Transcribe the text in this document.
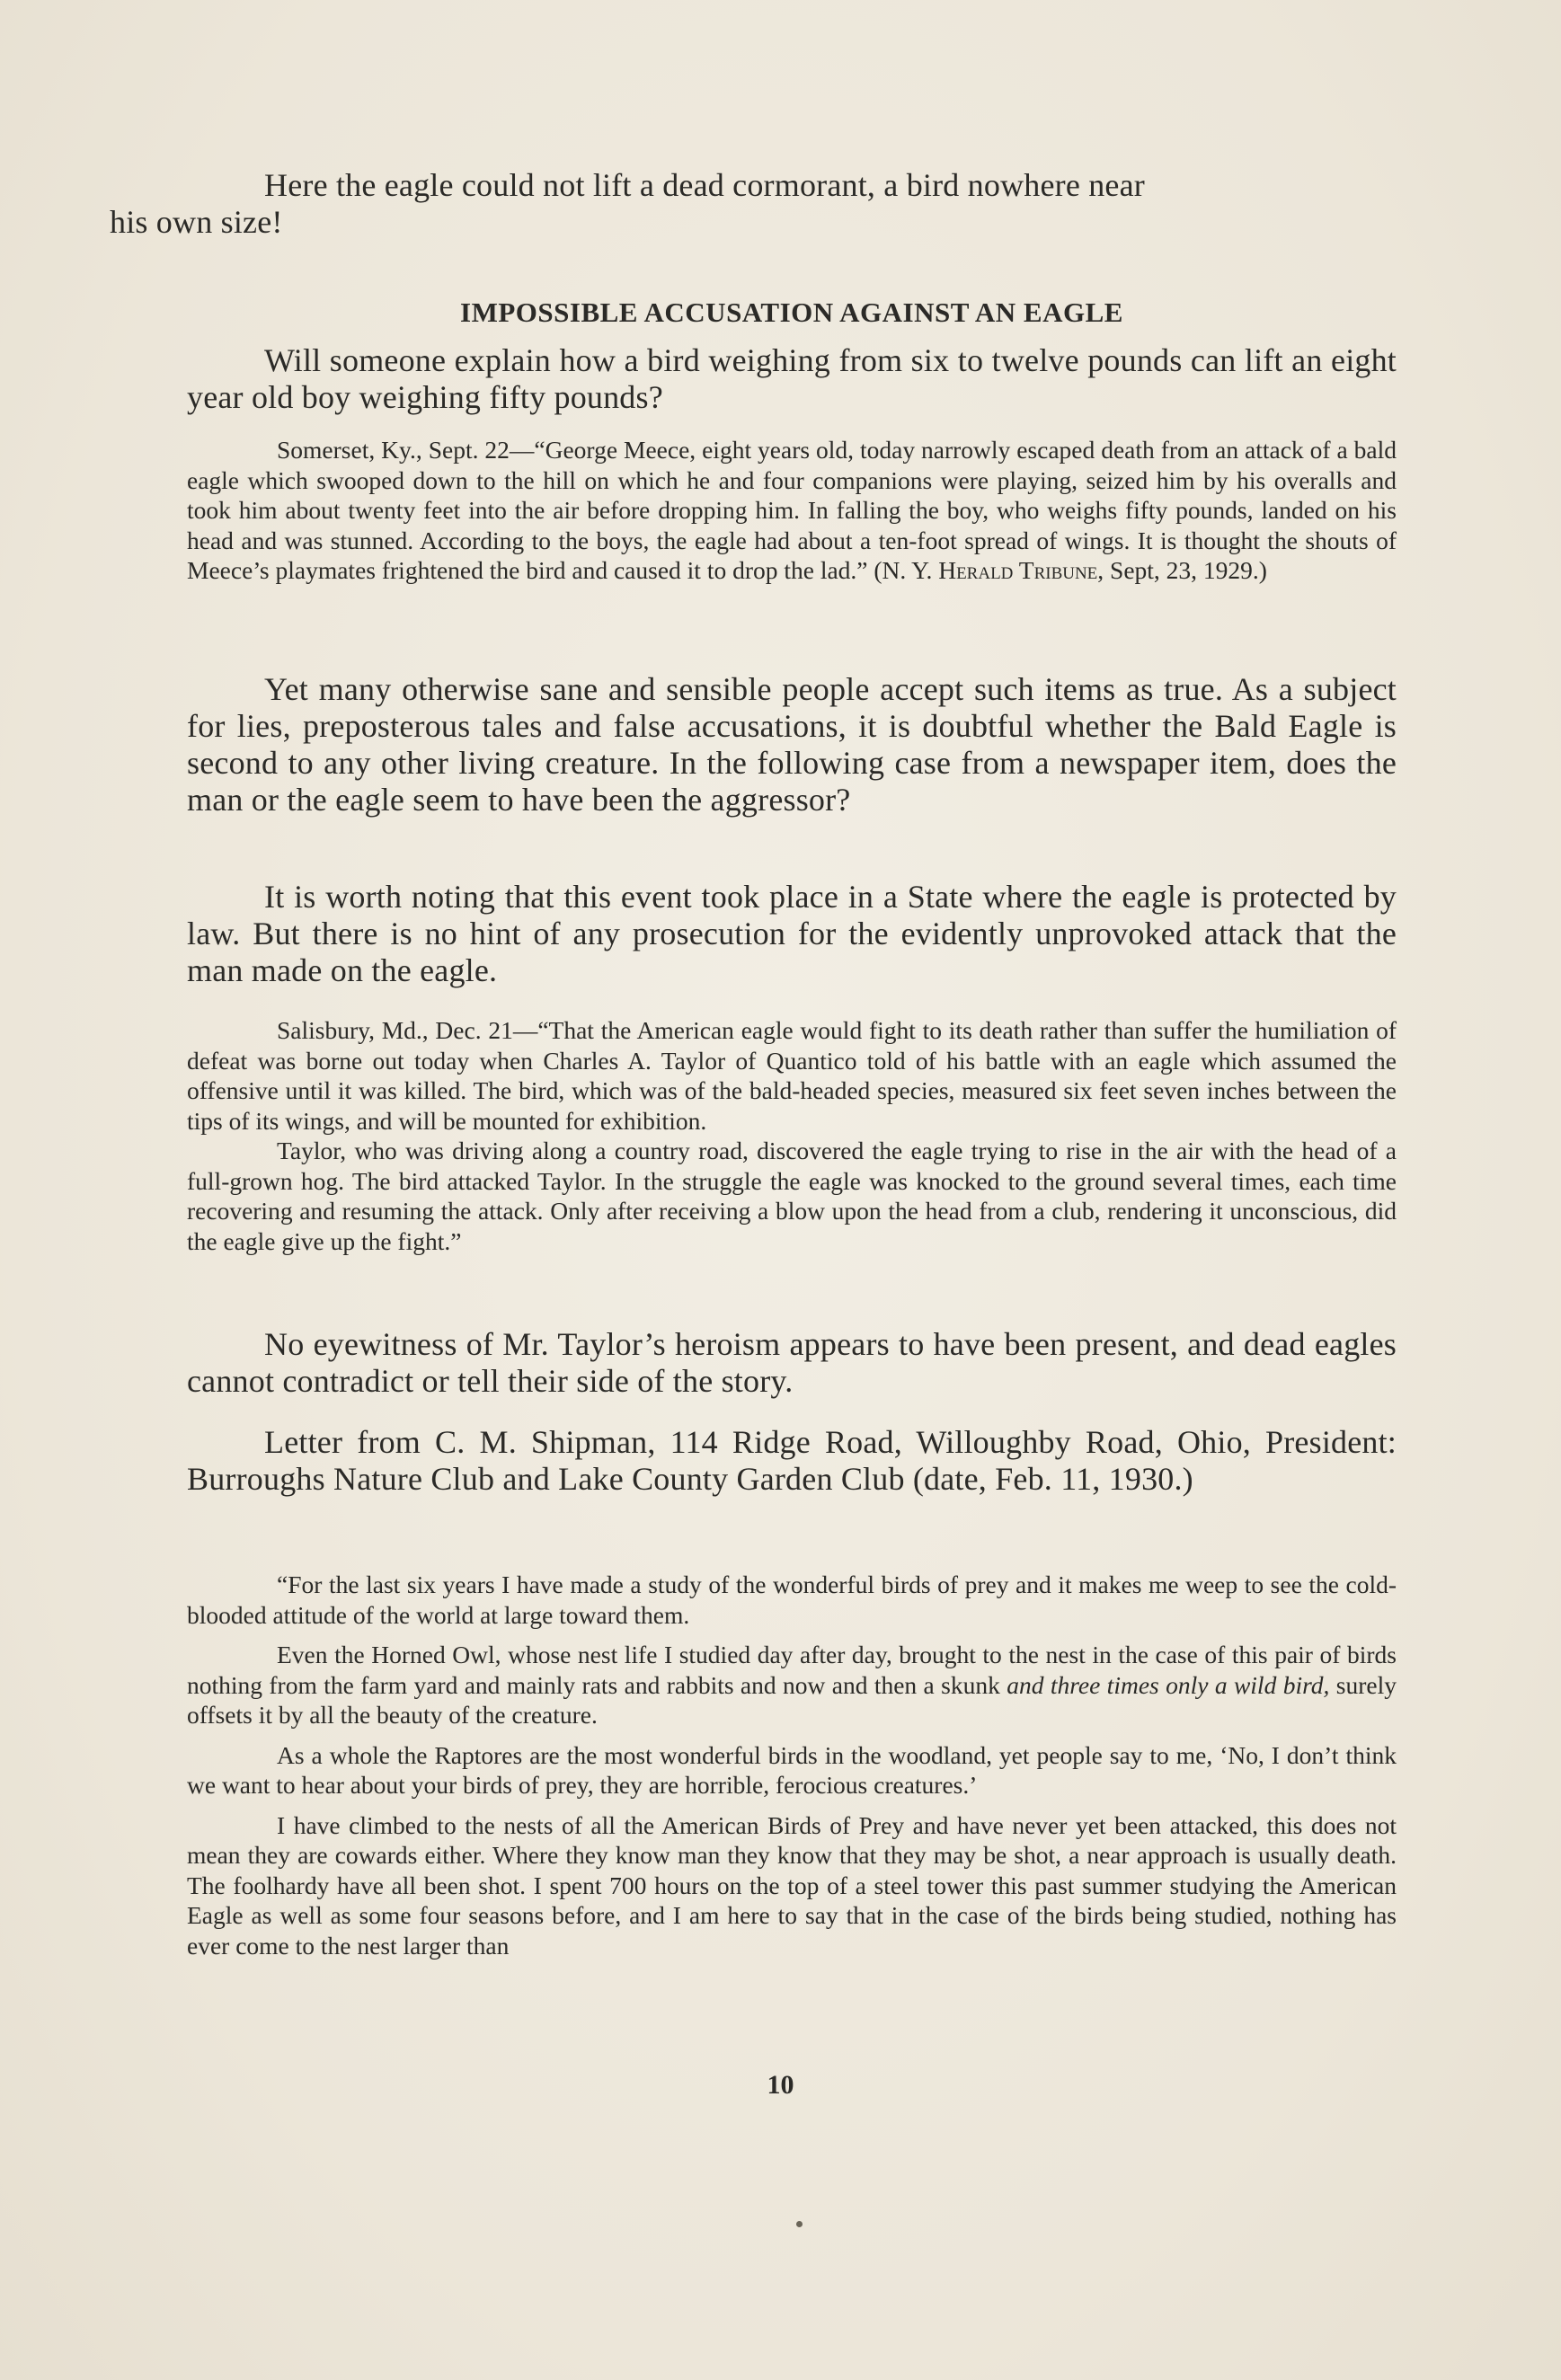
Here the eagle could not lift a dead cormorant, a bird nowhere near
his own size!

IMPOSSIBLE ACCUSATION AGAINST AN EAGLE

Will someone explain how a bird weighing from six to twelve pounds can lift an eight year old boy weighing fifty pounds?

Somerset, Ky., Sept. 22—“George Meece, eight years old, today narrowly escaped death from an attack of a bald eagle which swooped down to the hill on which he and four companions were playing, seized him by his overalls and took him about twenty feet into the air before dropping him. In falling the boy, who weighs fifty pounds, landed on his head and was stunned. According to the boys, the eagle had about a ten-foot spread of wings. It is thought the shouts of Meece’s playmates frightened the bird and caused it to drop the lad.” (N. Y. Herald Tribune, Sept, 23, 1929.)

Yet many otherwise sane and sensible people accept such items as true. As a subject for lies, preposterous tales and false accusations, it is doubtful whether the Bald Eagle is second to any other living creature. In the following case from a newspaper item, does the man or the eagle seem to have been the aggressor?

It is worth noting that this event took place in a State where the eagle is protected by law. But there is no hint of any prosecution for the evidently unprovoked attack that the man made on the eagle.

Salisbury, Md., Dec. 21—“That the American eagle would fight to its death rather than suffer the humiliation of defeat was borne out today when Charles A. Taylor of Quantico told of his battle with an eagle which assumed the offensive until it was killed. The bird, which was of the bald-headed species, measured six feet seven inches between the tips of its wings, and will be mounted for exhibition.

Taylor, who was driving along a country road, discovered the eagle trying to rise in the air with the head of a full-grown hog. The bird attacked Taylor. In the struggle the eagle was knocked to the ground several times, each time recovering and resuming the attack. Only after receiving a blow upon the head from a club, rendering it unconscious, did the eagle give up the fight.”

No eyewitness of Mr. Taylor’s heroism appears to have been present, and dead eagles cannot contradict or tell their side of the story.

Letter from C. M. Shipman, 114 Ridge Road, Willoughby Road, Ohio, President: Burroughs Nature Club and Lake County Garden Club (date, Feb. 11, 1930.)

“For the last six years I have made a study of the wonderful birds of prey and it makes me weep to see the cold-blooded attitude of the world at large toward them.

Even the Horned Owl, whose nest life I studied day after day, brought to the nest in the case of this pair of birds nothing from the farm yard and mainly rats and rabbits and now and then a skunk and three times only a wild bird, surely offsets it by all the beauty of the creature.

As a whole the Raptores are the most wonderful birds in the woodland, yet people say to me, ‘No, I don’t think we want to hear about your birds of prey, they are horrible, ferocious creatures.’

I have climbed to the nests of all the American Birds of Prey and have never yet been attacked, this does not mean they are cowards either. Where they know man they know that they may be shot, a near approach is usually death. The foolhardy have all been shot. I spent 700 hours on the top of a steel tower this past summer studying the American Eagle as well as some four seasons before, and I am here to say that in the case of the birds being studied, nothing has ever come to the nest larger than

10
